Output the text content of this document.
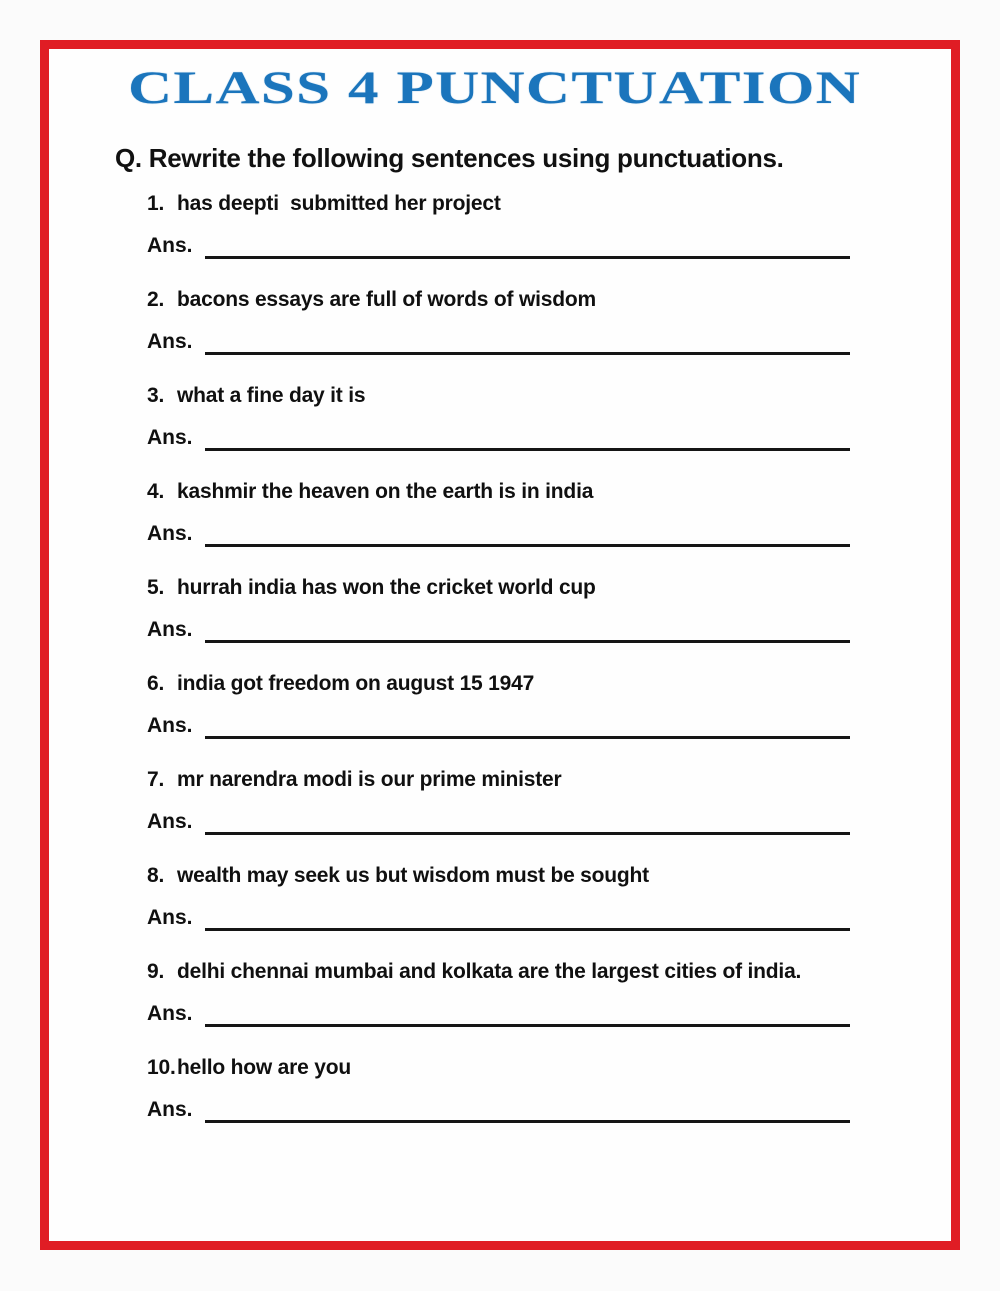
CLASS 4 PUNCTUATION
Q. Rewrite the following sentences using punctuations.
1. has deepti  submitted her project
Ans.
2. bacons essays are full of words of wisdom
Ans.
3. what a fine day it is
Ans.
4. kashmir the heaven on the earth is in india
Ans.
5. hurrah india has won the cricket world cup
Ans.
6. india got freedom on august 15 1947
Ans.
7. mr narendra modi is our prime minister
Ans.
8. wealth may seek us but wisdom must be sought
Ans.
9. delhi chennai mumbai and kolkata are the largest cities of india.
Ans.
10. hello how are you
Ans.
